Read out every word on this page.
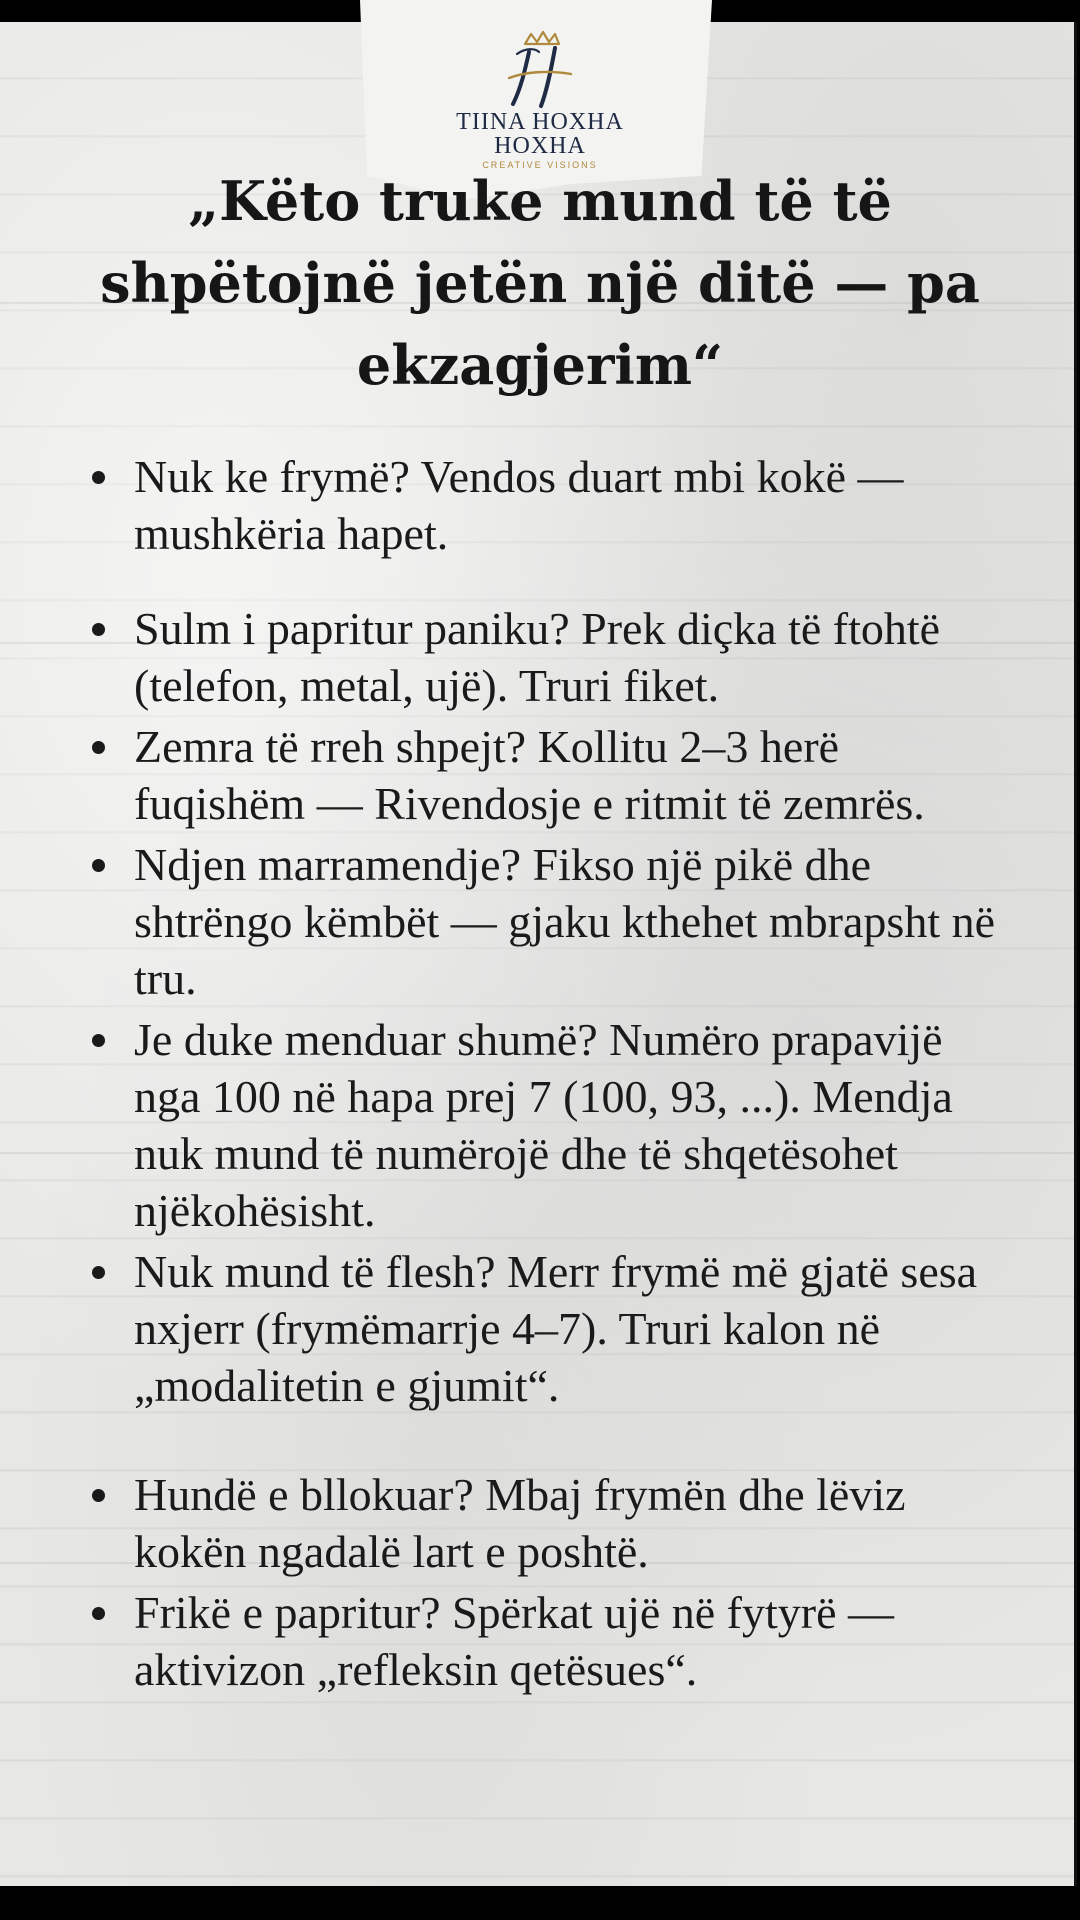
TIINA HOXHA
HOXHA
CREATIVE VISIONS
„Këto truke mund të të shpëtojnë jetën një ditë — pa ekzagjerim“
Nuk ke frymë? Vendos duart mbi kokë — mushkëria hapet.
Sulm i papritur paniku? Prek diçka të ftohtë (telefon, metal, ujë). Truri fiket.
Zemra të rreh shpejt? Kollitu 2–3 herë fuqishëm — Rivendosje e ritmit të zemrës.
Ndjen marramendje? Fikso një pikë dhe shtrëngo këmbët — gjaku kthehet mbrapsht në tru.
Je duke menduar shumë? Numëro prapavijë nga 100 në hapa prej 7 (100, 93, ...). Mendja nuk mund të numërojë dhe të shqetësohet njëkohësisht.
Nuk mund të flesh? Merr frymë më gjatë sesa nxjerr (frymëmarrje 4–7). Truri kalon në „modalitetin e gjumit“.
Hundë e bllokuar? Mbaj frymën dhe lëviz kokën ngadalë lart e poshtë.
Frikë e papritur? Spërkat ujë në fytyrë — aktivizon „refleksin qetësues“.
